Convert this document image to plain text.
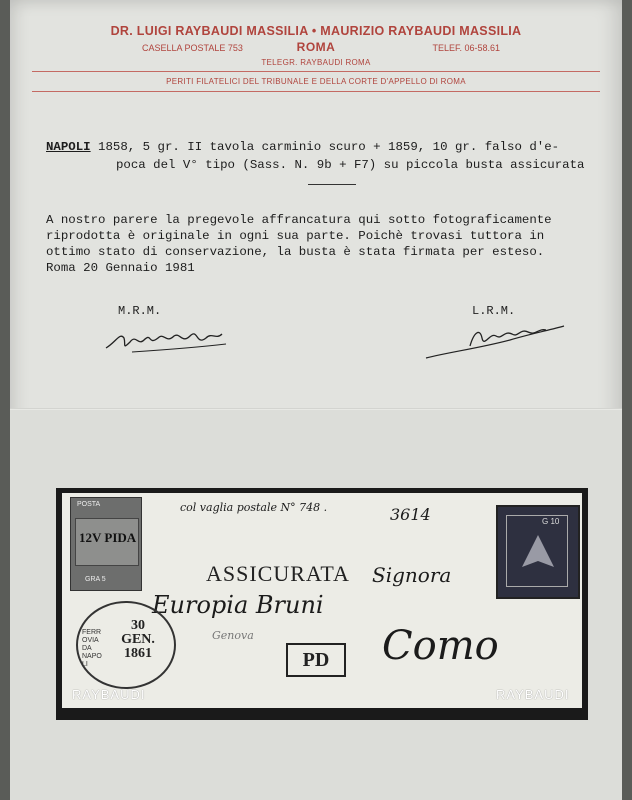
DR. LUIGI RAYBAUDI MASSILIA • MAURIZIO RAYBAUDI MASSILIA
CASELLA POSTALE 753	ROMA	TELEF. 06-58.61
TELEGR. RAYBAUDI ROMA
PERITI FILATELICI DEL TRIBUNALE E DELLA CORTE D'APPELLO DI ROMA
NAPOLI 1858, 5 gr. II tavola carminio scuro + 1859, 10 gr. falso d'e-
poca del V° tipo (Sass. N. 9b + F7) su piccola busta assicurata
A nostro parere la pregevole affrancatura qui sotto fotograficamente
riprodotta è originale in ogni sua parte. Poichè trovasi tuttora in
ottimo stato di conservazione, la busta è stata firmata per esteso.
Roma 20 Gennaio 1981
M.R.M.	L.R.M.
POSTA
12V PIDA
GRA 5
col vaglia postale N° 748 .	3614
ASSICURATA Signora
Europia Bruni
Genova
PD	Como
FERROVIA DA NAPOLI
30
GEN.
1861
G 10
RAYBAUDI	RAYBAUDI
